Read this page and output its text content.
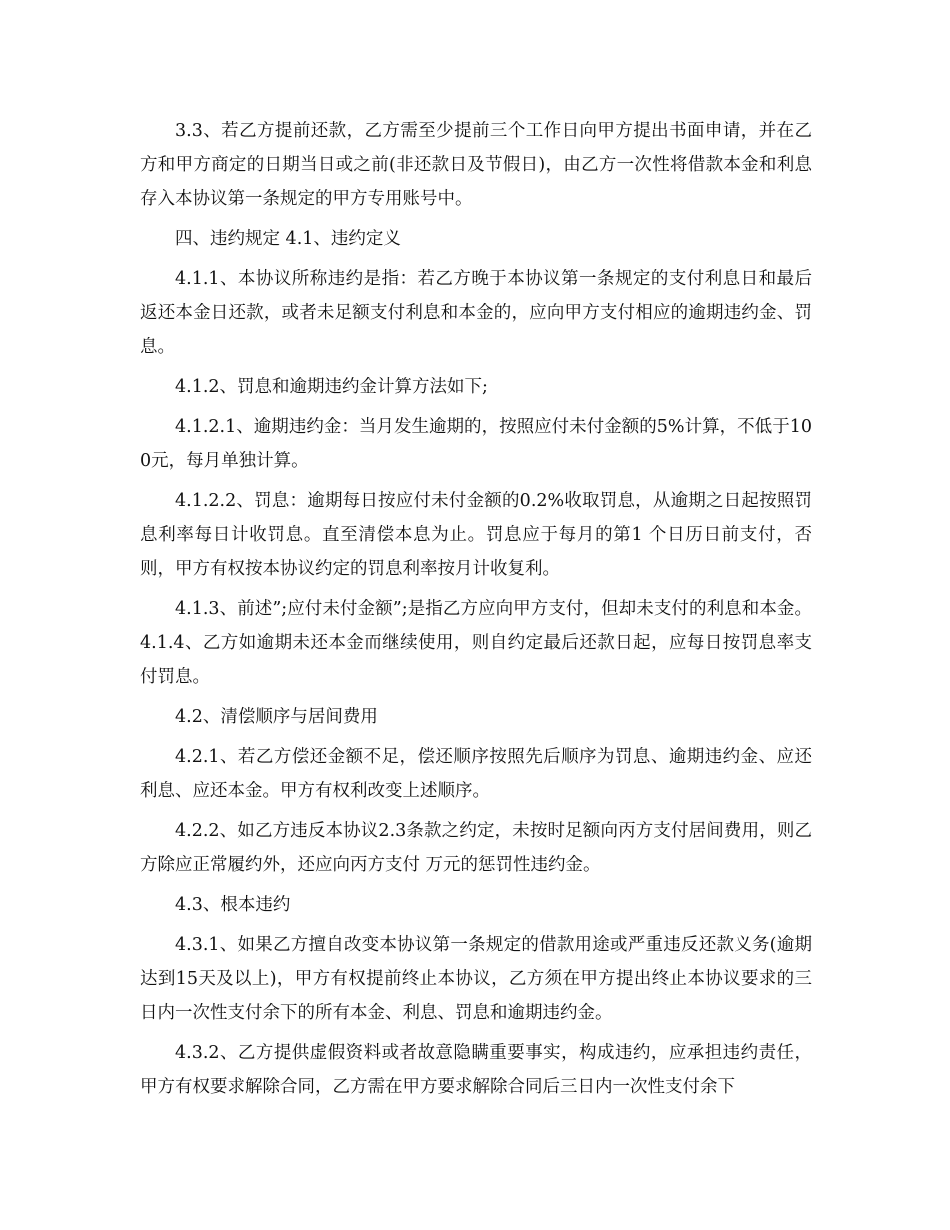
3.3、若乙方提前还款，乙方需至少提前三个工作日向甲方提出书面申请，并在乙方和甲方商定的日期当日或之前(非还款日及节假日)，由乙方一次性将借款本金和利息存入本协议第一条规定的甲方专用账号中。

四、违约规定 4.1、违约定义

4.1.1、本协议所称违约是指：若乙方晚于本协议第一条规定的支付利息日和最后返还本金日还款，或者未足额支付利息和本金的，应向甲方支付相应的逾期违约金、罚息。

4.1.2、罚息和逾期违约金计算方法如下;

4.1.2.1、逾期违约金：当月发生逾期的，按照应付未付金额的5%计算，不低于100元，每月单独计算。

4.1.2.2、罚息：逾期每日按应付未付金额的0.2%收取罚息，从逾期之日起按照罚息利率每日计收罚息。直至清偿本息为止。罚息应于每月的第1 个日历日前支付，否则，甲方有权按本协议约定的罚息利率按月计收复利。

4.1.3、前述”;应付未付金额”;是指乙方应向甲方支付，但却未支付的利息和本金。 4.1.4、乙方如逾期未还本金而继续使用，则自约定最后还款日起，应每日按罚息率支付罚息。

4.2、清偿顺序与居间费用

4.2.1、若乙方偿还金额不足，偿还顺序按照先后顺序为罚息、逾期违约金、应还利息、应还本金。甲方有权利改变上述顺序。

4.2.2、如乙方违反本协议2.3条款之约定，未按时足额向丙方支付居间费用，则乙方除应正常履约外，还应向丙方支付 万元的惩罚性违约金。

4.3、根本违约

4.3.1、如果乙方擅自改变本协议第一条规定的借款用途或严重违反还款义务(逾期达到15天及以上)，甲方有权提前终止本协议，乙方须在甲方提出终止本协议要求的三日内一次性支付余下的所有本金、利息、罚息和逾期违约金。

4.3.2、乙方提供虚假资料或者故意隐瞒重要事实，构成违约，应承担违约责任，甲方有权要求解除合同，乙方需在甲方要求解除合同后三日内一次性支付余下
